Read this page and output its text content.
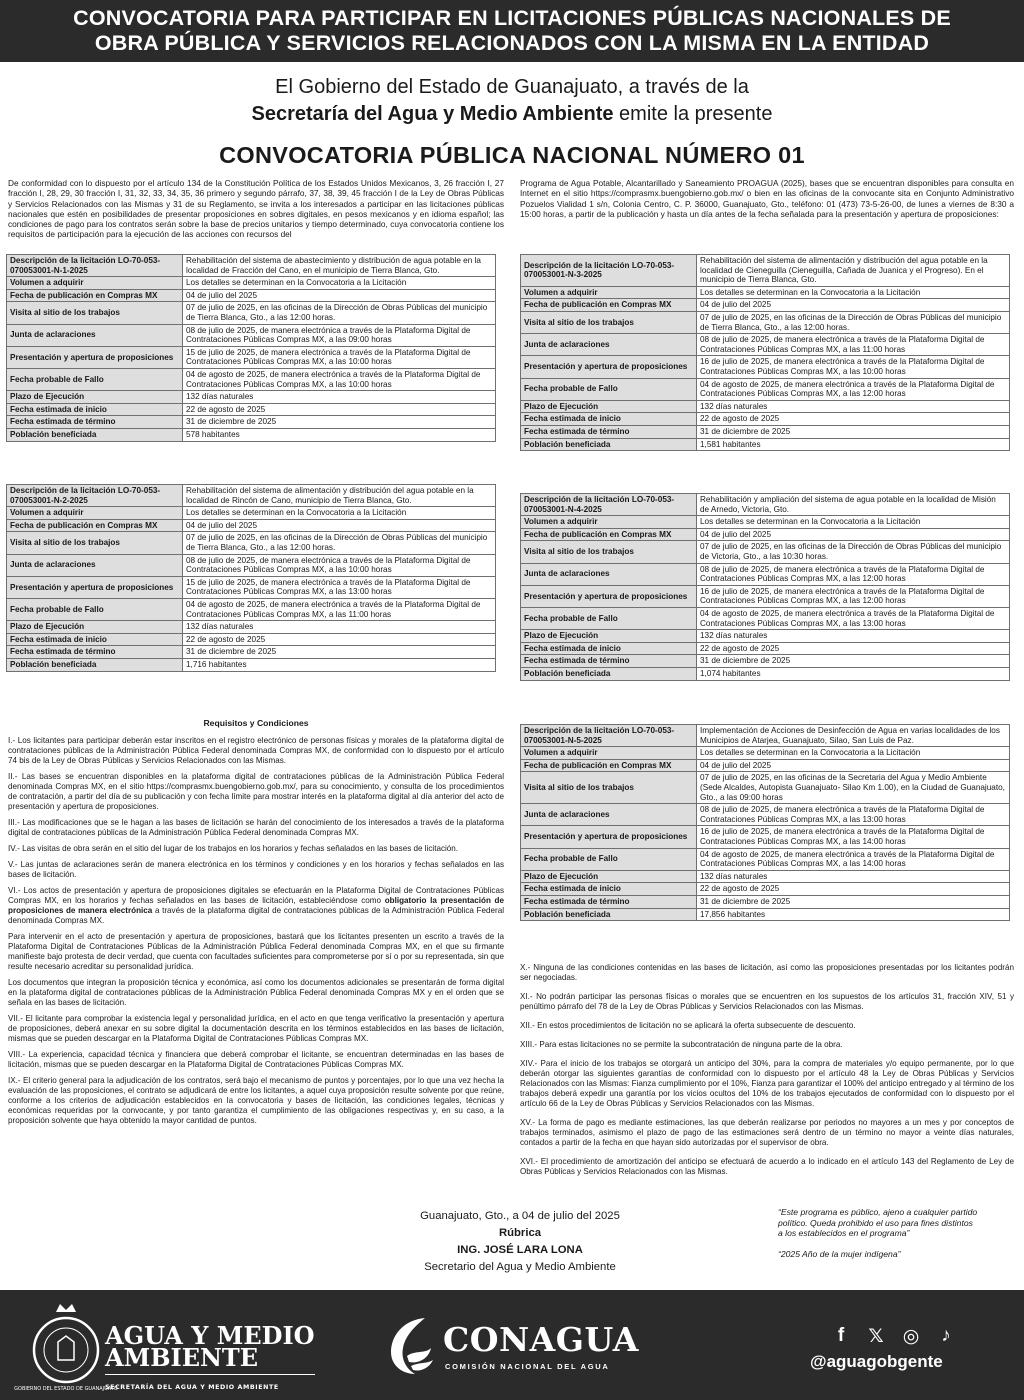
CONVOCATORIA PARA PARTICIPAR EN LICITACIONES PÚBLICAS NACIONALES DE
OBRA PÚBLICA Y SERVICIOS RELACIONADOS CON LA MISMA EN LA ENTIDAD
El Gobierno del Estado de Guanajuato, a través de la
Secretaría del Agua y Medio Ambiente emite la presente
CONVOCATORIA PÚBLICA NACIONAL NÚMERO 01
De conformidad con lo dispuesto por el artículo 134 de la Constitución Política de los Estados Unidos Mexicanos, 3, 26 fracción I, 27 fracción I, 28, 29, 30 fracción I, 31, 32, 33, 34, 35, 36 primero y segundo párrafo, 37, 38, 39, 45 fracción I de la Ley de Obras Públicas y Servicios Relacionados con las Mismas y 31 de su Reglamento, se invita a los interesados a participar en las licitaciones públicas nacionales que estén en posibilidades de presentar proposiciones en sobres digitales, en pesos mexicanos y en idioma español; las condiciones de pago para los contratos serán sobre la base de precios unitarios y tiempo determinado, cuya convocatoria contiene los requisitos de participación para la ejecución de las acciones con recursos del
Programa de Agua Potable, Alcantarillado y Saneamiento PROAGUA (2025), bases que se encuentran disponibles para consulta en Internet en el sitio https://comprasmx.buengobierno.gob.mx/ o bien en las oficinas de la convocante sita en Conjunto Administrativo Pozuelos Vialidad 1 s/n, Colonia Centro, C. P. 36000, Guanajuato, Gto., teléfono: 01 (473) 73-5-26-00, de lunes a viernes de 8:30 a 15:00 horas, a partir de la publicación y hasta un día antes de la fecha señalada para la presentación y apertura de proposiciones:
Descripción de la licitación LO-70-053-070053001-N-1-2025	Rehabilitación del sistema de abastecimiento y distribución de agua potable en la localidad de Fracción del Cano, en el municipio de Tierra Blanca, Gto.
Volumen a adquirir	Los detalles se determinan en la Convocatoria a la Licitación
Fecha de publicación en Compras MX	04 de julio del 2025
Visita al sitio de los trabajos	07 de julio de 2025, en las oficinas de la Dirección de Obras Públicas del municipio de Tierra Blanca, Gto., a las 12:00 horas.
Junta de aclaraciones	08 de julio de 2025, de manera electrónica a través de la Plataforma Digital de Contrataciones Públicas Compras MX, a las 09:00 horas
Presentación y apertura de proposiciones	15 de julio de 2025, de manera electrónica a través de la Plataforma Digital de Contrataciones Públicas Compras MX, a las 10:00 horas
Fecha probable de Fallo	04 de agosto de 2025, de manera electrónica a través de la Plataforma Digital de Contrataciones Públicas Compras MX, a las 10:00 horas
Plazo de Ejecución	132 días naturales
Fecha estimada de inicio	22 de agosto de 2025
Fecha estimada de término	31 de diciembre de 2025
Población beneficiada	578 habitantes
Descripción de la licitación LO-70-053-070053001-N-2-2025	Rehabilitación del sistema de alimentación y distribución del agua potable en la localidad de Rincón de Cano, municipio de Tierra Blanca, Gto.
Volumen a adquirir	Los detalles se determinan en la Convocatoria a la Licitación
Fecha de publicación en Compras MX	04 de julio del 2025
Visita al sitio de los trabajos	07 de julio de 2025, en las oficinas de la Dirección de Obras Públicas del municipio de Tierra Blanca, Gto., a las 12:00 horas.
Junta de aclaraciones	08 de julio de 2025, de manera electrónica a través de la Plataforma Digital de Contrataciones Públicas Compras MX, a las 10:00 horas
Presentación y apertura de proposiciones	15 de julio de 2025, de manera electrónica a través de la Plataforma Digital de Contrataciones Públicas Compras MX, a las 13:00 horas
Fecha probable de Fallo	04 de agosto de 2025, de manera electrónica a través de la Plataforma Digital de Contrataciones Públicas Compras MX, a las 11:00 horas
Plazo de Ejecución	132 días naturales
Fecha estimada de inicio	22 de agosto de 2025
Fecha estimada de término	31 de diciembre de 2025
Población beneficiada	1,716 habitantes
Descripción de la licitación LO-70-053-070053001-N-3-2025	Rehabilitación del sistema de alimentación y distribución del agua potable en la localidad de Cieneguilla (Cieneguilla, Cañada de Juanica y el Progreso). En el municipio de Tierra Blanca, Gto.
Volumen a adquirir	Los detalles se determinan en la Convocatoria a la Licitación
Fecha de publicación en Compras MX	04 de julio del 2025
Visita al sitio de los trabajos	07 de julio de 2025, en las oficinas de la Dirección de Obras Públicas del municipio de Tierra Blanca, Gto., a las 12:00 horas.
Junta de aclaraciones	08 de julio de 2025, de manera electrónica a través de la Plataforma Digital de Contrataciones Públicas Compras MX, a las 11:00 horas
Presentación y apertura de proposiciones	16 de julio de 2025, de manera electrónica a través de la Plataforma Digital de Contrataciones Públicas Compras MX, a las 10:00 horas
Fecha probable de Fallo	04 de agosto de 2025, de manera electrónica a través de la Plataforma Digital de Contrataciones Públicas Compras MX, a las 12:00 horas
Plazo de Ejecución	132 días naturales
Fecha estimada de inicio	22 de agosto de 2025
Fecha estimada de término	31 de diciembre de 2025
Población beneficiada	1,581 habitantes
Descripción de la licitación LO-70-053-070053001-N-4-2025	Rehabilitación y ampliación del sistema de agua potable en la localidad de Misión de Arnedo, Victoria, Gto.
Volumen a adquirir	Los detalles se determinan en la Convocatoria a la Licitación
Fecha de publicación en Compras MX	04 de julio del 2025
Visita al sitio de los trabajos	07 de julio de 2025, en las oficinas de la Dirección de Obras Públicas del municipio de Victoria, Gto., a las 10:30 horas.
Junta de aclaraciones	08 de julio de 2025, de manera electrónica a través de la Plataforma Digital de Contrataciones Públicas Compras MX, a las 12:00 horas
Presentación y apertura de proposiciones	16 de julio de 2025, de manera electrónica a través de la Plataforma Digital de Contrataciones Públicas Compras MX, a las 12:00 horas
Fecha probable de Fallo	04 de agosto de 2025, de manera electrónica a través de la Plataforma Digital de Contrataciones Públicas Compras MX, a las 13:00 horas
Plazo de Ejecución	132 días naturales
Fecha estimada de inicio	22 de agosto de 2025
Fecha estimada de término	31 de diciembre de 2025
Población beneficiada	1,074 habitantes
Descripción de la licitación LO-70-053-070053001-N-5-2025	Implementación de Acciones de Desinfección de Agua en varias localidades de los Municipios de Atarjea, Guanajuato, Silao, San Luis de Paz.
Volumen a adquirir	Los detalles se determinan en la Convocatoria a la Licitación
Fecha de publicación en Compras MX	04 de julio del 2025
Visita al sitio de los trabajos	07 de julio de 2025, en las oficinas de la Secretaria del Agua y Medio Ambiente (Sede Alcaldes, Autopista Guanajuato- Silao Km 1.00), en la Ciudad de Guanajuato, Gto., a las 09:00 horas
Junta de aclaraciones	08 de julio de 2025, de manera electrónica a través de la Plataforma Digital de Contrataciones Públicas Compras MX, a las 13:00 horas
Presentación y apertura de proposiciones	16 de julio de 2025, de manera electrónica a través de la Plataforma Digital de Contrataciones Públicas Compras MX, a las 14:00 horas
Fecha probable de Fallo	04 de agosto de 2025, de manera electrónica a través de la Plataforma Digital de Contrataciones Públicas Compras MX, a las 14:00 horas
Plazo de Ejecución	132 días naturales
Fecha estimada de inicio	22 de agosto de 2025
Fecha estimada de término	31 de diciembre de 2025
Población beneficiada	17,856 habitantes
Requisitos y Condiciones

I.- Los licitantes para participar deberán estar inscritos en el registro electrónico de personas físicas y morales de la plataforma digital de contrataciones públicas de la Administración Pública Federal denominada Compras MX, de conformidad con lo dispuesto por el artículo 74 bis de la Ley de Obras Públicas y Servicios Relacionados con las Mismas.

II.- Las bases se encuentran disponibles en la plataforma digital de contrataciones públicas de la Administración Pública Federal denominada Compras MX, en el sitio https://comprasmx.buengobierno.gob.mx/, para su conocimiento, y consulta de los procedimientos de contratación, a partir del día de su publicación y con fecha límite para mostrar interés en la plataforma digital al día anterior del acto de presentación y apertura de proposiciones.

III.- Las modificaciones que se le hagan a las bases de licitación se harán del conocimiento de los interesados a través de la plataforma digital de contrataciones públicas de la Administración Pública Federal denominada Compras MX.

IV.- Las visitas de obra serán en el sitio del lugar de los trabajos en los horarios y fechas señalados en las bases de licitación.

V.- Las juntas de aclaraciones serán de manera electrónica en los términos y condiciones y en los horarios y fechas señalados en las bases de licitación.

VI.- Los actos de presentación y apertura de proposiciones digitales se efectuarán en la Plataforma Digital de Contrataciones Públicas Compras MX, en los horarios y fechas señalados en las bases de licitación, estableciéndose como obligatorio la presentación de proposiciones de manera electrónica a través de la plataforma digital de contrataciones públicas de la Administración Pública Federal denominada Compras MX.

Para intervenir en el acto de presentación y apertura de proposiciones, bastará que los licitantes presenten un escrito a través de la Plataforma Digital de Contrataciones Públicas de la Administración Pública Federal denominada Compras MX, en el que su firmante manifieste bajo protesta de decir verdad, que cuenta con facultades suficientes para comprometerse por sí o por su representada, sin que resulte necesario acreditar su personalidad jurídica.

Los documentos que integran la proposición técnica y económica, así como los documentos adicionales se presentarán de forma digital en la plataforma digital de contrataciones públicas de la Administración Pública Federal denominada Compras MX y en el orden que se señala en las bases de licitación.

VII.- El licitante para comprobar la existencia legal y personalidad jurídica, en el acto en que tenga verificativo la presentación y apertura de proposiciones, deberá anexar en su sobre digital la documentación descrita en los términos establecidos en las bases de licitación, mismas que se pueden descargar en la Plataforma Digital de Contrataciones Públicas Compras MX.

VIII.- La experiencia, capacidad técnica y financiera que deberá comprobar el licitante, se encuentran determinadas en las bases de licitación, mismas que se pueden descargar en la Plataforma Digital de Contrataciones Públicas Compras MX.

IX.- El criterio general para la adjudicación de los contratos, será bajo el mecanismo de puntos y porcentajes, por lo que una vez hecha la evaluación de las proposiciones, el contrato se adjudicará de entre los licitantes, a aquel cuya proposición resulte solvente por que reúne, conforme a los criterios de adjudicación establecidos en la convocatoria y bases de licitación, las condiciones legales, técnicas y económicas requeridas por la convocante, y por tanto garantiza el cumplimiento de las obligaciones respectivas y, en su caso, a la proposición solvente que haya obtenido la mayor cantidad de puntos.

X.- Ninguna de las condiciones contenidas en las bases de licitación, así como las proposiciones presentadas por los licitantes podrán ser negociadas.

XI.- No podrán participar las personas físicas o morales que se encuentren en los supuestos de los artículos 31, fracción XIV, 51 y penúltimo párrafo del 78 de la Ley de Obras Públicas y Servicios Relacionados con las Mismas.

XII.- En estos procedimientos de licitación no se aplicará la oferta subsecuente de descuento.

XIII.- Para estas licitaciones no se permite la subcontratación de ninguna parte de la obra.

XIV.- Para el inicio de los trabajos se otorgará un anticipo del 30%, para la compra de materiales y/o equipo permanente, por lo que deberán otorgar las siguientes garantías de conformidad con lo dispuesto por el artículo 48 la Ley de Obras Públicas y Servicios Relacionados con las Mismas: Fianza cumplimiento por el 10%, Fianza para garantizar el 100% del anticipo entregado y al término de los trabajos deberá expedir una garantía por los vicios ocultos del 10% de los trabajos ejecutados de conformidad con lo dispuesto por el artículo 66 de la Ley de Obras Públicas y Servicios Relacionados con las Mismas.

XV.- La forma de pago es mediante estimaciones, las que deberán realizarse por periodos no mayores a un mes y por conceptos de trabajos terminados, asimismo el plazo de pago de las estimaciones será dentro de un término no mayor a veinte días naturales, contados a partir de la fecha en que hayan sido autorizadas por el supervisor de obra.

XVI.- El procedimiento de amortización del anticipo se efectuará de acuerdo a lo indicado en el artículo 143 del Reglamento de Ley de Obras Públicas y Servicios Relacionados con las Mismas.

Guanajuato, Gto., a 04 de julio del 2025
Rúbrica
ING. JOSÉ LARA LONA
Secretario del Agua y Medio Ambiente
“Este programa es público, ajeno a cualquier partido político. Queda prohibido el uso para fines distintos a los establecidos en el programa”
“2025 Año de la mujer indígena”
GOBIERNO DEL ESTADO DE GUANAJUATO
AGUA Y MEDIO
AMBIENTE
SECRETARÍA DEL AGUA Y MEDIO AMBIENTE
CONAGUA
COMISIÓN NACIONAL DEL AGUA
f	𝕏 ◎	♪
@aguagobgente
